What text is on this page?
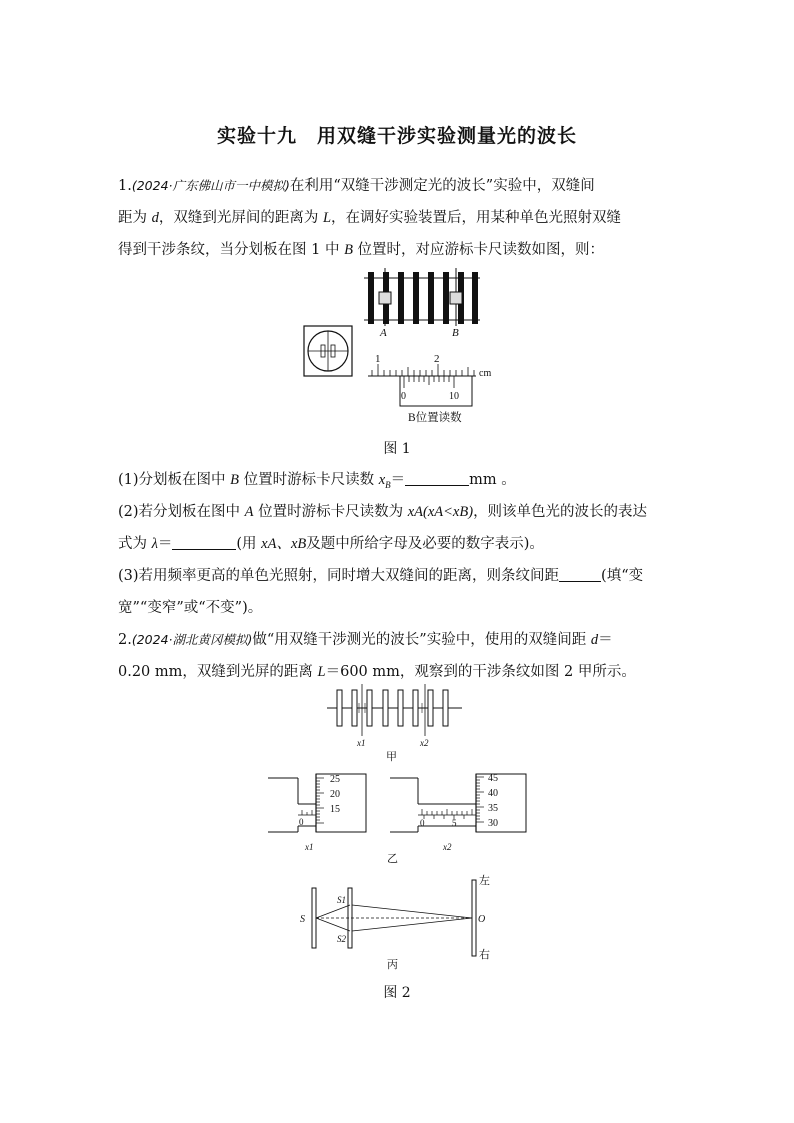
实验十九　用双缝干涉实验测量光的波长
1.(2024·广东佛山市一中模拟)在利用“双缝干涉测定光的波长”实验中，双缝间
距为 d，双缝到光屏间的距离为 L，在调好实验装置后，用某种单色光照射双缝
得到干涉条纹，当分划板在图 1 中 B 位置时，对应游标卡尺读数如图，则：
A	B
1	2
cm
0	10
B位置读数
图 1
(1)分划板在图中 B 位置时游标卡尺读数 $x_B=$	mm 。
(2)若分划板在图中 A 位置时游标卡尺读数为 xA(xA<xB)，则该单色光的波长的表达
式为 λ＝	(用 xA、xB及题中所给字母及必要的数字表示)。
(3)若用频率更高的单色光照射，同时增大双缝间的距离，则条纹间距	(填“变
宽”“变窄”或“不变”)。
2.(2024·湖北黄冈模拟)做“用双缝干涉测光的波长”实验中，使用的双缝间距 d＝
0.20 mm，双缝到光屏的距离 L＝600 mm，观察到的干涉条纹如图 2 甲所示。
x1	x2
甲
0
25
20
15
x1
0	5
45
40
35
30
x2
乙
S
S1
S2
O
左
右
丙
图 2
